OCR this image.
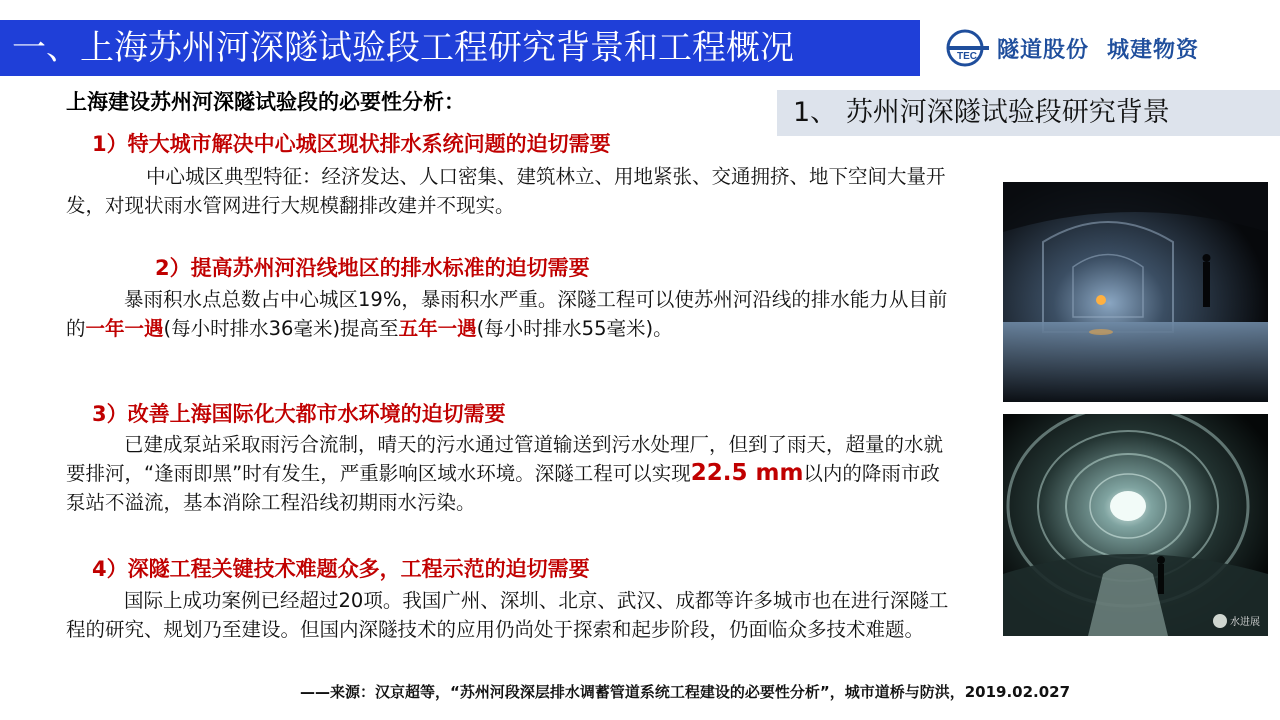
一、上海苏州河深隧试验段工程研究背景和工程概况	TEC 隧道股份 城建物资
上海建设苏州河深隧试验段的必要性分析：	1、 苏州河深隧试验段研究背景
1）特大城市解决中心城区现状排水系统问题的迫切需要
中心城区典型特征：经济发达、人口密集、建筑林立、用地紧张、交通拥挤、地下空间大量开发，对现状雨水管网进行大规模翻排改建并不现实。
2）提高苏州河沿线地区的排水标准的迫切需要
暴雨积水点总数占中心城区19%，暴雨积水严重。深隧工程可以使苏州河沿线的排水能力从目前的一年一遇(每小时排水36毫米)提高至五年一遇(每小时排水55毫米)。
3）改善上海国际化大都市水环境的迫切需要
已建成泵站采取雨污合流制，晴天的污水通过管道输送到污水处理厂，但到了雨天，超量的水就要排河，“逢雨即黑”时有发生，严重影响区域水环境。深隧工程可以实现22.5 mm以内的降雨市政泵站不溢流，基本消除工程沿线初期雨水污染。
4）深隧工程关键技术难题众多，工程示范的迫切需要
国际上成功案例已经超过20项。我国广州、深圳、北京、武汉、成都等许多城市也在进行深隧工程的研究、规划乃至建设。但国内深隧技术的应用仍尚处于探索和起步阶段，仍面临众多技术难题。	水进展
——来源：汉京超等，“苏州河段深层排水调蓄管道系统工程建设的必要性分析”，城市道桥与防洪，2019.02.027
